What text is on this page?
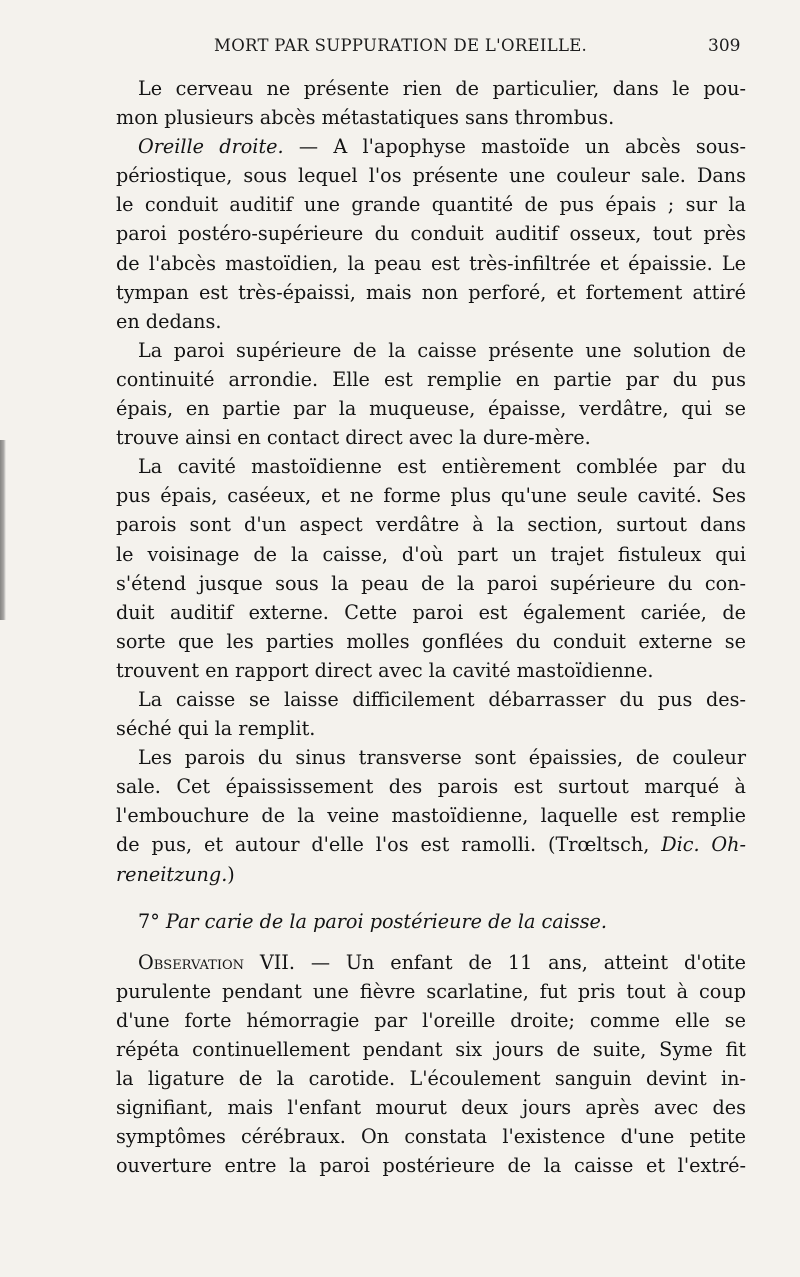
MORT PAR SUPPURATION DE L'OREILLE.	309
Le cerveau ne présente rien de particulier, dans le pou-
mon plusieurs abcès métastatiques sans thrombus.
Oreille droite. — A l'apophyse mastoïde un abcès sous-
périostique, sous lequel l'os présente une couleur sale. Dans
le conduit auditif une grande quantité de pus épais ; sur la
paroi postéro-supérieure du conduit auditif osseux, tout près
de l'abcès mastoïdien, la peau est très-infiltrée et épaissie. Le
tympan est très-épaissi, mais non perforé, et fortement attiré
en dedans.
La paroi supérieure de la caisse présente une solution de
continuité arrondie. Elle est remplie en partie par du pus
épais, en partie par la muqueuse, épaisse, verdâtre, qui se
trouve ainsi en contact direct avec la dure-mère.
La cavité mastoïdienne est entièrement comblée par du
pus épais, caséeux, et ne forme plus qu'une seule cavité. Ses
parois sont d'un aspect verdâtre à la section, surtout dans
le voisinage de la caisse, d'où part un trajet fistuleux qui
s'étend jusque sous la peau de la paroi supérieure du con-
duit auditif externe. Cette paroi est également cariée, de
sorte que les parties molles gonflées du conduit externe se
trouvent en rapport direct avec la cavité mastoïdienne.
La caisse se laisse difficilement débarrasser du pus des-
séché qui la remplit.
Les parois du sinus transverse sont épaissies, de couleur
sale. Cet épaississement des parois est surtout marqué à
l'embouchure de la veine mastoïdienne, laquelle est remplie
de pus, et autour d'elle l'os est ramolli. (Trœltsch, Dic. Oh-
reneitzung.)
7° Par carie de la paroi postérieure de la caisse.
Observation VII. — Un enfant de 11 ans, atteint d'otite
purulente pendant une fièvre scarlatine, fut pris tout à coup
d'une forte hémorragie par l'oreille droite; comme elle se
répéta continuellement pendant six jours de suite, Syme fit
la ligature de la carotide. L'écoulement sanguin devint in-
signifiant, mais l'enfant mourut deux jours après avec des
symptômes cérébraux. On constata l'existence d'une petite
ouverture entre la paroi postérieure de la caisse et l'extré-
